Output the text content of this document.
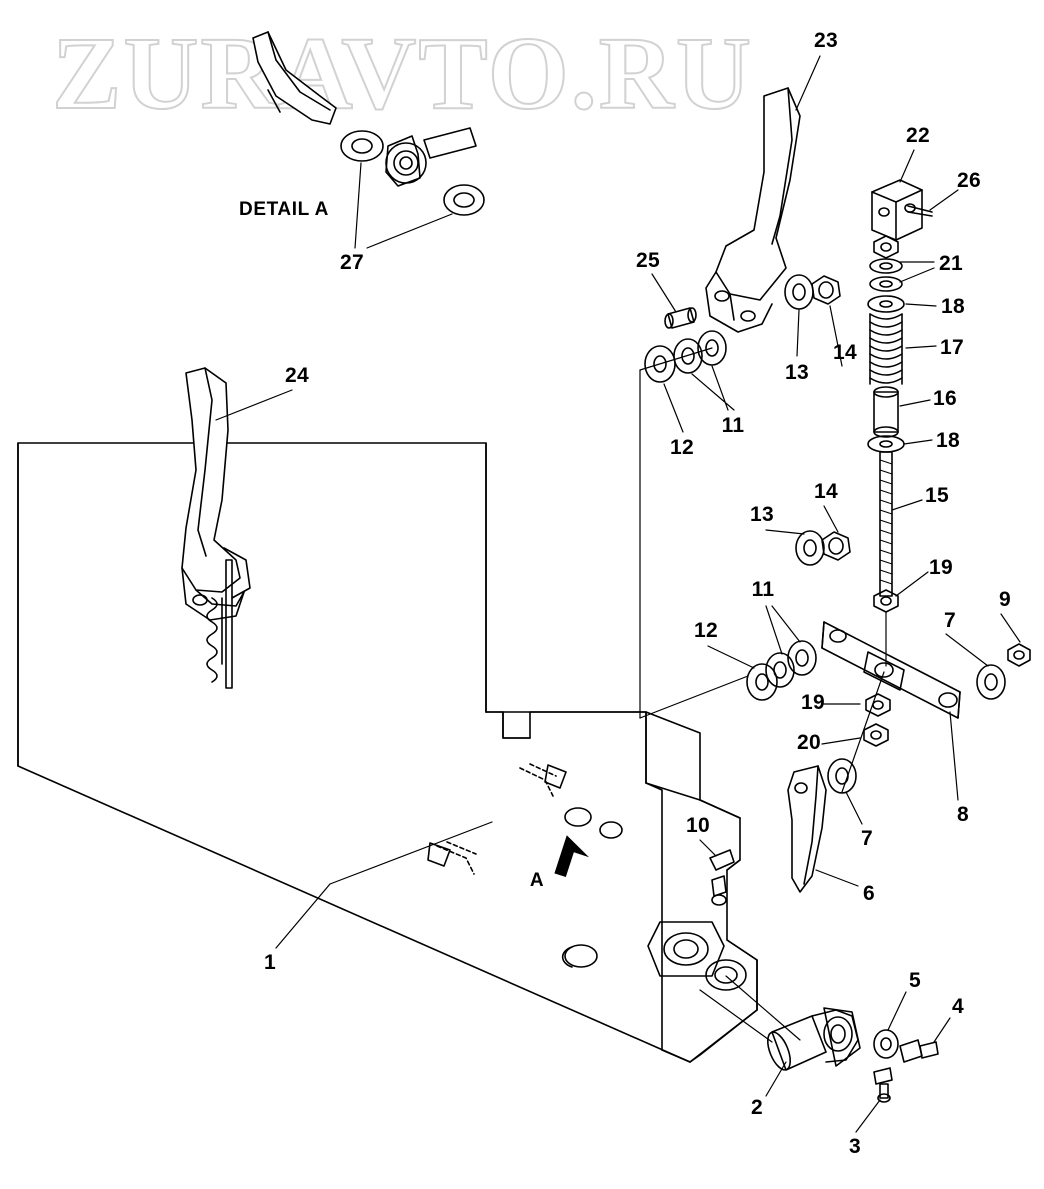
ZURAVTO.RU
DETAIL A
A
23
22
26
27	25	21
18
13
14	17
24
11
16
18
12
15
14
13
19
11	9
7
12
19
20
8
7
10
6
1
5
4
2
3
